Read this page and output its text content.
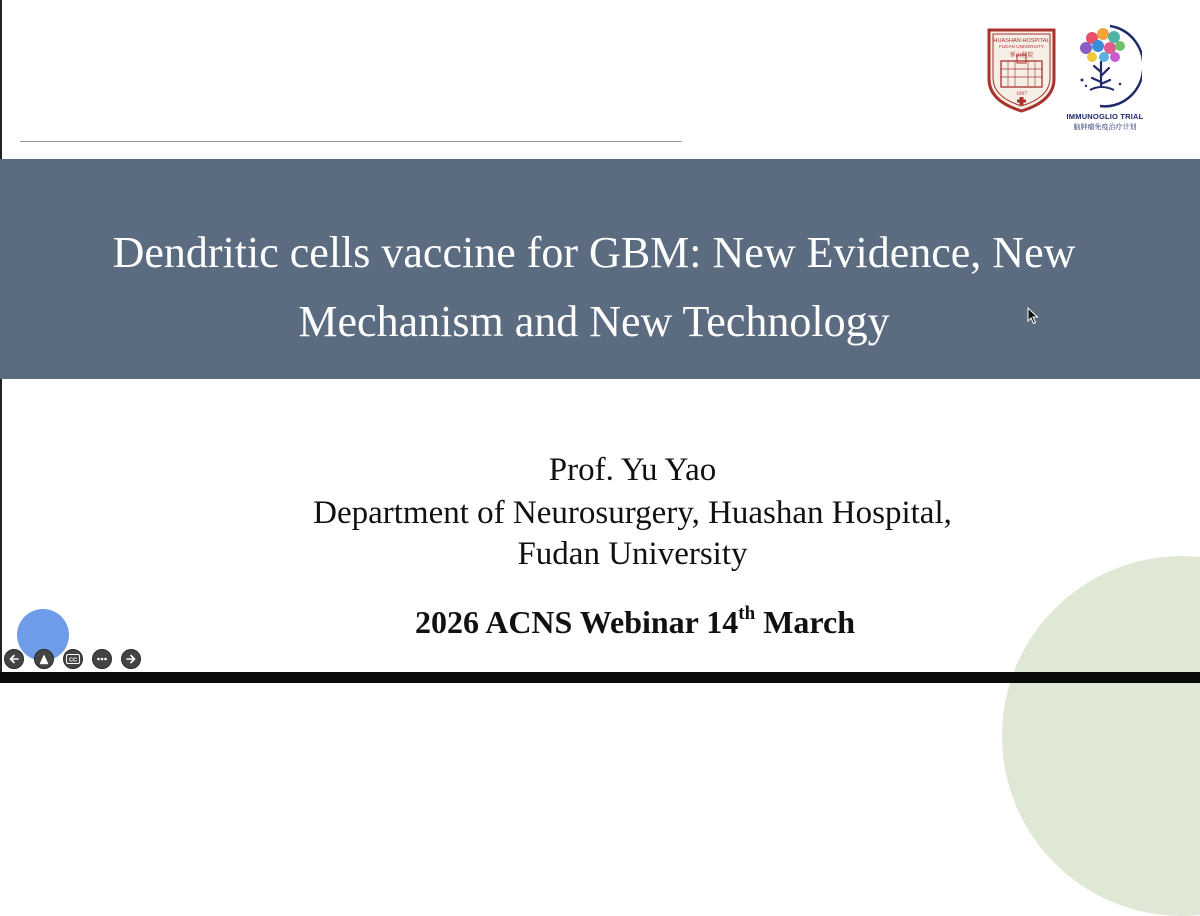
HUASHAN HOSPITAL
FUDAN UNIVERSITY
華山醫院
1907
IMMUNOGLIO TRIAL
脑肿瘤免疫治疗计划
Dendritic cells vaccine for GBM: New Evidence, New
Mechanism and New Technology
Prof. Yu Yao
Department of Neurosurgery, Huashan Hospital,
Fudan University
2026 ACNS Webinar 14th March
CC
